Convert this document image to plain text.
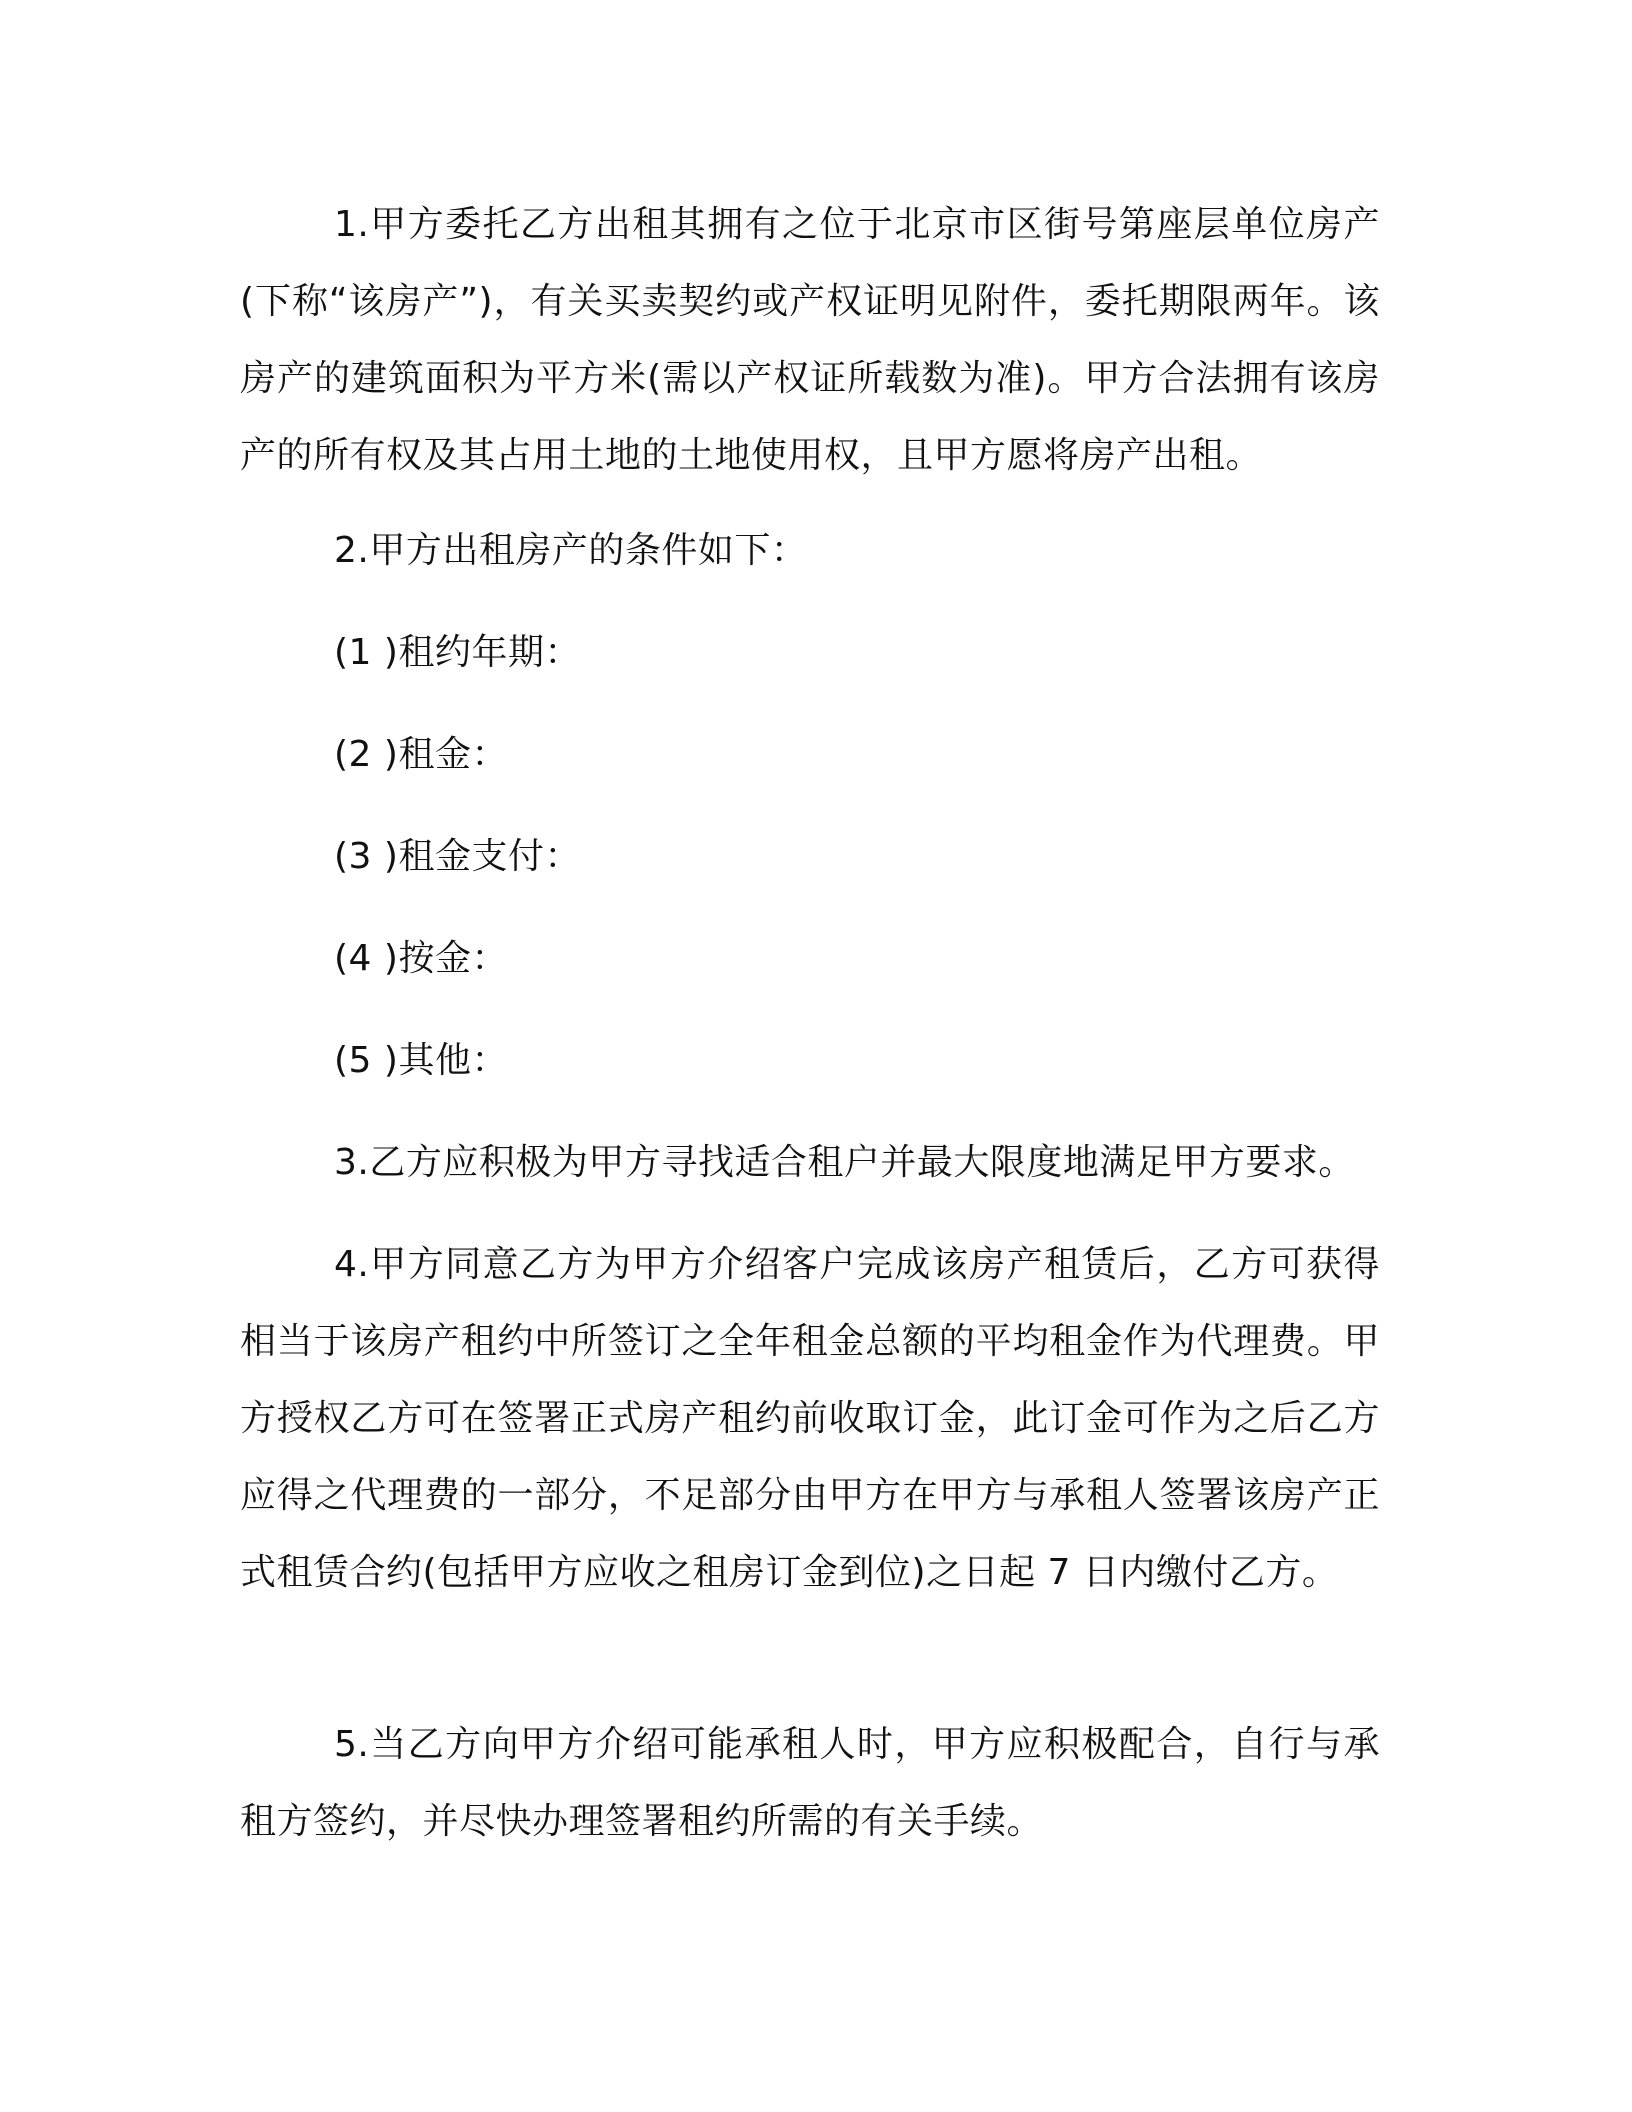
1.甲方委托乙方出租其拥有之位于北京市区街号第座层单位房产(下称“该房产”)，有关买卖契约或产权证明见附件，委托期限两年。该房产的建筑面积为平方米(需以产权证所载数为准)。甲方合法拥有该房产的所有权及其占用土地的土地使用权，且甲方愿将房产出租。

2.甲方出租房产的条件如下：

(1 )租约年期：

(2 )租金：

(3 )租金支付：

(4 )按金：

(5 )其他：

3.乙方应积极为甲方寻找适合租户并最大限度地满足甲方要求。

4.甲方同意乙方为甲方介绍客户完成该房产租赁后，乙方可获得相当于该房产租约中所签订之全年租金总额的平均租金作为代理费。甲方授权乙方可在签署正式房产租约前收取订金，此订金可作为之后乙方应得之代理费的一部分，不足部分由甲方在甲方与承租人签署该房产正式租赁合约(包括甲方应收之租房订金到位)之日起 7 日内缴付乙方。

5.当乙方向甲方介绍可能承租人时，甲方应积极配合，自行与承租方签约，并尽快办理签署租约所需的有关手续。
